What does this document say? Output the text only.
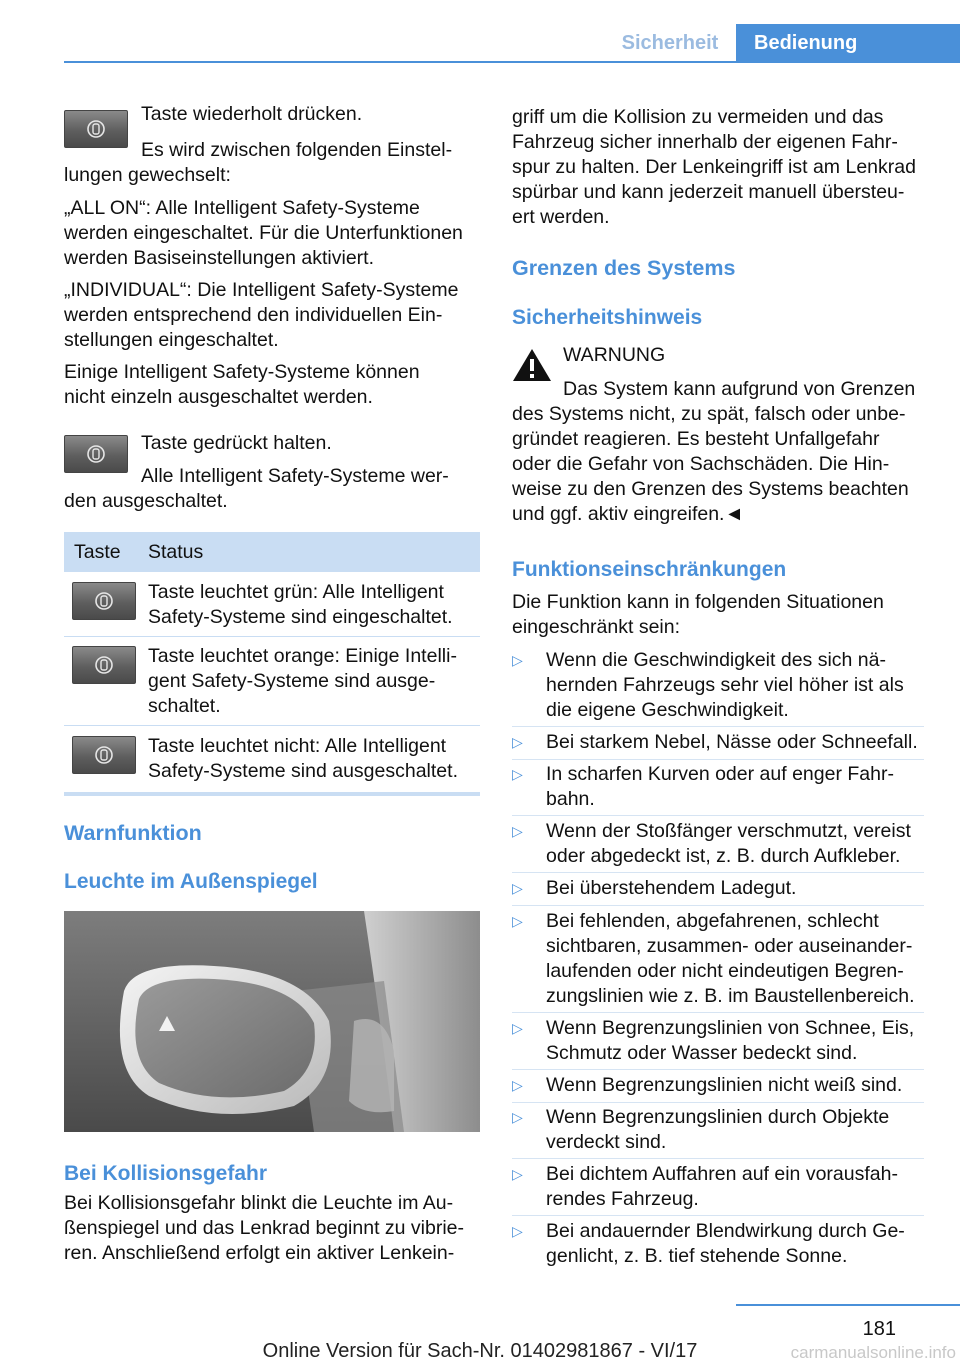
Sicherheit	Bedienung
Taste wiederholt drücken.
Es wird zwischen folgenden Einstel‐
lungen gewechselt:
„ALL ON“: Alle Intelligent Safety-Systeme
werden eingeschaltet. Für die Unterfunktionen
werden Basiseinstellungen aktiviert.
„INDIVIDUAL“: Die Intelligent Safety-Systeme
werden entsprechend den individuellen Ein‐
stellungen eingeschaltet.
Einige Intelligent Safety-Systeme können
nicht einzeln ausgeschaltet werden.
Taste gedrückt halten.
Alle Intelligent Safety-Systeme wer‐
den ausgeschaltet.
Taste Status
Taste leuchtet grün: Alle Intelligent
Safety-Systeme sind eingeschaltet.
Taste leuchtet orange: Einige Intelli‐
gent Safety-Systeme sind ausge‐
schaltet.
Taste leuchtet nicht: Alle Intelligent
Safety-Systeme sind ausgeschaltet.
Warnfunktion
Leuchte im Außenspiegel
Bei Kollisionsgefahr
Bei Kollisionsgefahr blinkt die Leuchte im Au‐
ßenspiegel und das Lenkrad beginnt zu vibrie‐
ren. Anschließend erfolgt ein aktiver Lenkein‐
griff um die Kollision zu vermeiden und das
Fahrzeug sicher innerhalb der eigenen Fahr‐
spur zu halten. Der Lenkeingriff ist am Lenkrad
spürbar und kann jederzeit manuell übersteu‐
ert werden.
Grenzen des Systems
Sicherheitshinweis
WARNUNG
Das System kann aufgrund von Grenzen
des Systems nicht, zu spät, falsch oder unbe‐
gründet reagieren. Es besteht Unfallgefahr
oder die Gefahr von Sachschäden. Die Hin‐
weise zu den Grenzen des Systems beachten
und ggf. aktiv eingreifen.◄
Funktionseinschränkungen
Die Funktion kann in folgenden Situationen
eingeschränkt sein:
▷ Wenn die Geschwindigkeit des sich nä‐
hernden Fahrzeugs sehr viel höher ist als
die eigene Geschwindigkeit.
▷ Bei starkem Nebel, Nässe oder Schneefall.
▷ In scharfen Kurven oder auf enger Fahr‐
bahn.
▷ Wenn der Stoßfänger verschmutzt, vereist
oder abgedeckt ist, z. B. durch Aufkleber.
▷ Bei überstehendem Ladegut.
▷ Bei fehlenden, abgefahrenen, schlecht
sichtbaren, zusammen- oder auseinander‐
laufenden oder nicht eindeutigen Begren‐
zungslinien wie z. B. im Baustellenbereich.
▷ Wenn Begrenzungslinien von Schnee, Eis,
Schmutz oder Wasser bedeckt sind.
▷ Wenn Begrenzungslinien nicht weiß sind.
▷ Wenn Begrenzungslinien durch Objekte
verdeckt sind.
▷ Bei dichtem Auffahren auf ein vorausfah‐
rendes Fahrzeug.
▷ Bei andauernder Blendwirkung durch Ge‐
genlicht, z. B. tief stehende Sonne.
181
Online Version für Sach-Nr. 01402981867 - VI/17	carmanualsonline.info
